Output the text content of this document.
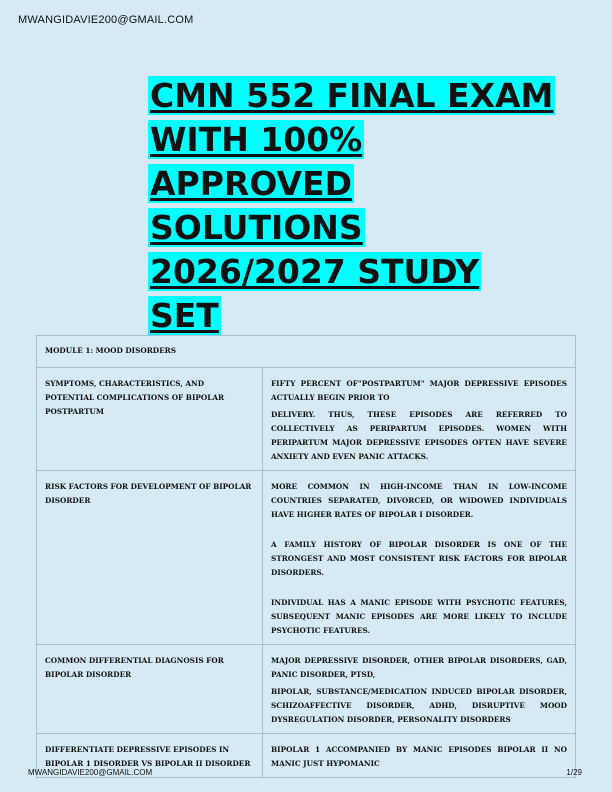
MWANGIDAVIE200@GMAIL.COM
CMN 552 FINAL EXAM
WITH 100%
APPROVED
SOLUTIONS
2026/2027 STUDY
SET
MODULE 1: MOOD DISORDERS	
SYMPTOMS, CHARACTERISTICS, AND POTENTIAL COMPLICATIONS OF BIPOLAR POSTPARTUM	FIFTY PERCENT OF"POSTPARTUM" MAJOR DEPRESSIVE EPISODES ACTUALLY BEGIN PRIOR TO

DELIVERY. THUS, THESE EPISODES ARE REFERRED TO COLLECTIVELY AS PERIPARTUM EPISODES. WOMEN WITH PERIPARTUM MAJOR DEPRESSIVE EPISODES OFTEN HAVE SEVERE ANXIETY AND EVEN PANIC ATTACKS.

RISK FACTORS FOR DEVELOPMENT OF BIPOLAR DISORDER	MORE COMMON IN HIGH-INCOME THAN IN LOW-INCOME COUNTRIES SEPARATED, DIVORCED, OR WIDOWED INDIVIDUALS HAVE HIGHER RATES OF BIPOLAR I DISORDER.

A FAMILY HISTORY OF BIPOLAR DISORDER IS ONE OF THE STRONGEST AND MOST CONSISTENT RISK FACTORS FOR BIPOLAR DISORDERS.

INDIVIDUAL HAS A MANIC EPISODE WITH PSYCHOTIC FEATURES, SUBSEQUENT MANIC EPISODES ARE MORE LIKELY TO INCLUDE PSYCHOTIC FEATURES.

COMMON DIFFERENTIAL DIAGNOSIS FOR BIPOLAR DISORDER	MAJOR DEPRESSIVE DISORDER, OTHER BIPOLAR DISORDERS, GAD, PANIC DISORDER, PTSD,

BIPOLAR, SUBSTANCE/MEDICATION INDUCED BIPOLAR DISORDER, SCHIZOAFFECTIVE DISORDER, ADHD, DISRUPTIVE MOOD DYSREGULATION DISORDER, PERSONALITY DISORDERS

DIFFERENTIATE DEPRESSIVE EPISODES IN BIPOLAR 1 DISORDER VS BIPOLAR II DISORDER	BIPOLAR 1 ACCOMPANIED BY MANIC EPISODES BIPOLAR II NO MANIC JUST HYPOMANIC

MWANGIDAVIE200@GMAIL.COM	1/29
